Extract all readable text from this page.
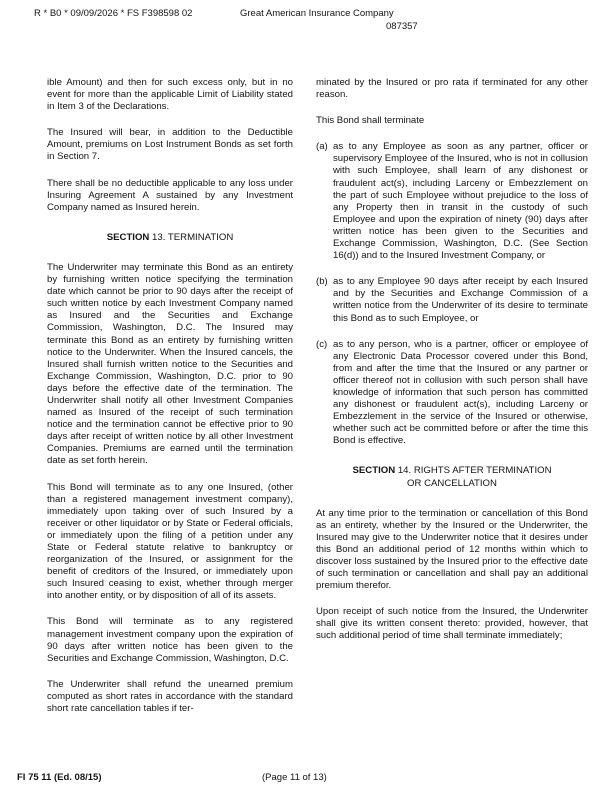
R * B0 * 09/09/2026 * FS F398598 02	Great American Insurance Company
087357

ible Amount) and then for such excess only, but in no event for more than the applicable Limit of Liability stated in Item 3 of the Declarations.

The Insured will bear, in addition to the Deductible Amount, premiums on Lost Instrument Bonds as set forth in Section 7.

There shall be no deductible applicable to any loss under Insuring Agreement A sustained by any Investment Company named as Insured herein.

SECTION 13. TERMINATION

The Underwriter may terminate this Bond as an entirety by furnishing written notice specifying the termination date which cannot be prior to 90 days after the receipt of such written notice by each Investment Company named as Insured and the Securities and Exchange Commission, Washington, D.C. The Insured may terminate this Bond as an entirety by furnishing written notice to the Underwriter. When the Insured cancels, the Insured shall furnish written notice to the Securities and Exchange Commission, Washington, D.C. prior to 90 days before the effective date of the termination. The Underwriter shall notify all other Investment Companies named as Insured of the receipt of such termination notice and the termination cannot be effective prior to 90 days after receipt of written notice by all other Investment Companies. Premiums are earned until the termination date as set forth herein.

This Bond will terminate as to any one Insured, (other than a registered management investment company), immediately upon taking over of such Insured by a receiver or other liquidator or by State or Federal officials, or immediately upon the filing of a petition under any State or Federal statute relative to bankruptcy or reorganization of the Insured, or assignment for the benefit of creditors of the Insured, or immediately upon such Insured ceasing to exist, whether through merger into another entity, or by disposition of all of its assets.

This Bond will terminate as to any registered management investment company upon the expiration of 90 days after written notice has been given to the Securities and Exchange Commission, Washington, D.C.

The Underwriter shall refund the unearned premium computed as short rates in accordance with the standard short rate cancellation tables if ter-

minated by the Insured or pro rata if terminated for any other reason.

This Bond shall terminate

(a) as to any Employee as soon as any partner, officer or supervisory Employee of the Insured, who is not in collusion with such Employee, shall learn of any dishonest or fraudulent act(s), including Larceny or Embezzlement on the part of such Employee without prejudice to the loss of any Property then in transit in the custody of such Employee and upon the expiration of ninety (90) days after written notice has been given to the Securities and Exchange Commission, Washington, D.C. (See Section 16(d)) and to the Insured Investment Company, or
(b) as to any Employee 90 days after receipt by each Insured and by the Securities and Exchange Commission of a written notice from the Underwriter of its desire to terminate this Bond as to such Employee, or
(c) as to any person, who is a partner, officer or employee of any Electronic Data Processor covered under this Bond, from and after the time that the Insured or any partner or officer thereof not in collusion with such person shall have knowledge of information that such person has committed any dishonest or fraudulent act(s), including Larceny or Embezzlement in the service of the Insured or otherwise, whether such act be committed before or after the time this Bond is effective.
SECTION 14. RIGHTS AFTER TERMINATION
OR CANCELLATION

At any time prior to the termination or cancellation of this Bond as an entirety, whether by the Insured or the Underwriter, the Insured may give to the Underwriter notice that it desires under this Bond an additional period of 12 months within which to discover loss sustained by the Insured prior to the effective date of such termination or cancellation and shall pay an additional premium therefor.

Upon receipt of such notice from the Insured, the Underwriter shall give its written consent thereto: provided, however, that such additional period of time shall terminate immediately;

FI 75 11 (Ed. 08/15)	(Page 11 of 13)
